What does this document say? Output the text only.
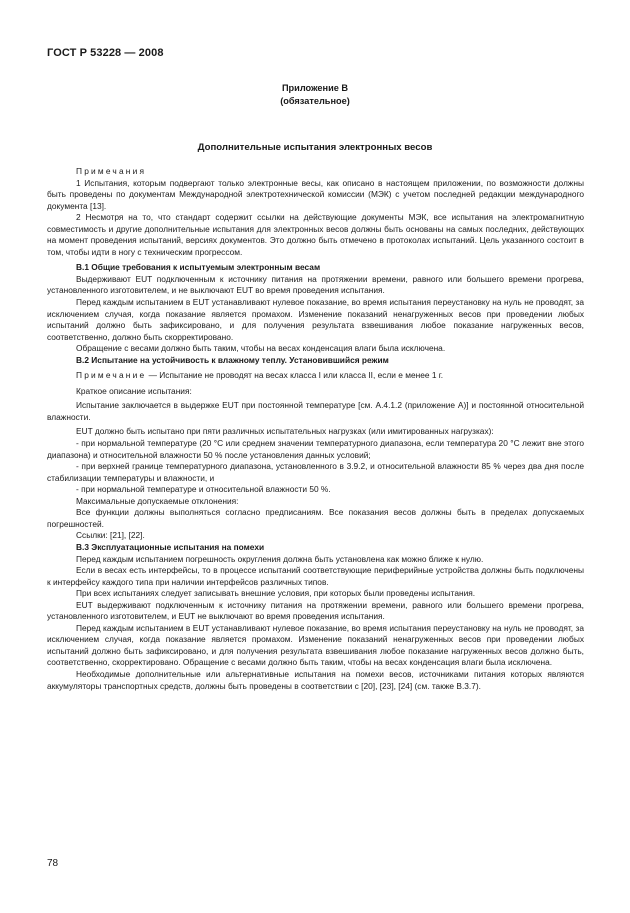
ГОСТ Р 53228 — 2008
Приложение В
(обязательное)
Дополнительные испытания электронных весов

Примечания

1 Испытания, которым подвергают только электронные весы, как описано в настоящем приложении, по возможности должны быть проведены по документам Международной электротехнической комиссии (МЭК) с учетом последней редакции международного документа [13].

2 Несмотря на то, что стандарт содержит ссылки на действующие документы МЭК, все испытания на электромагнитную совместимость и другие дополнительные испытания для электронных весов должны быть основаны на самых последних, действующих на момент проведения испытаний, версиях документов. Это должно быть отмечено в протоколах испытаний. Цель указанного состоит в том, чтобы идти в ногу с техническим прогрессом.

В.1 Общие требования к испытуемым электронным весам

Выдерживают EUT подключенным к источнику питания на протяжении времени, равного или большего времени прогрева, установленного изготовителем, и не выключают EUT во время проведения испытания.

Перед каждым испытанием в EUT устанавливают нулевое показание, во время испытания переустановку на нуль не проводят, за исключением случая, когда показание является промахом. Изменение показаний ненагруженных весов при проведении любых испытаний должно быть зафиксировано, и для получения результата взвешивания любое показание нагруженных весов, соответственно, должно быть скорректировано.

Обращение с весами должно быть таким, чтобы на весах конденсация влаги была исключена.

В.2 Испытание на устойчивость к влажному теплу. Установившийся режим

Примечание — Испытание не проводят на весах класса I или класса II, если e менее 1 г.

Краткое описание испытания:

Испытание заключается в выдержке EUT при постоянной температуре [см. А.4.1.2 (приложение А)] и постоянной относительной влажности.

EUT должно быть испытано при пяти различных испытательных нагрузках (или имитированных нагрузках):

- при нормальной температуре (20 °С или среднем значении температурного диапазона, если температура 20 °С лежит вне этого диапазона) и относительной влажности 50 % после установления данных условий;

- при верхней границе температурного диапазона, установленного в 3.9.2, и относительной влажности 85 % через два дня после стабилизации температуры и влажности, и

- при нормальной температуре и относительной влажности 50 %.

Максимальные допускаемые отклонения:

Все функции должны выполняться согласно предписаниям. Все показания весов должны быть в пределах допускаемых погрешностей.

Ссылки: [21], [22].

В.3 Эксплуатационные испытания на помехи

Перед каждым испытанием погрешность округления должна быть установлена как можно ближе к нулю.

Если в весах есть интерфейсы, то в процессе испытаний соответствующие периферийные устройства должны быть подключены к интерфейсу каждого типа при наличии интерфейсов различных типов.

При всех испытаниях следует записывать внешние условия, при которых были проведены испытания.

EUT выдерживают подключенным к источнику питания на протяжении времени, равного или большего времени прогрева, установленного изготовителем, и EUT не выключают во время проведения испытания.

Перед каждым испытанием в EUT устанавливают нулевое показание, во время испытания переустановку на нуль не проводят, за исключением случая, когда показание является промахом. Изменение показаний ненагруженных весов при проведении любых испытаний должно быть зафиксировано, и для получения результата взвешивания любое показание нагруженных весов должно быть, соответственно, скорректировано. Обращение с весами должно быть таким, чтобы на весах конденсация влаги была исключена.

Необходимые дополнительные или альтернативные испытания на помехи весов, источниками питания которых являются аккумуляторы транспортных средств, должны быть проведены в соответствии с [20], [23], [24] (см. также В.3.7).

78
